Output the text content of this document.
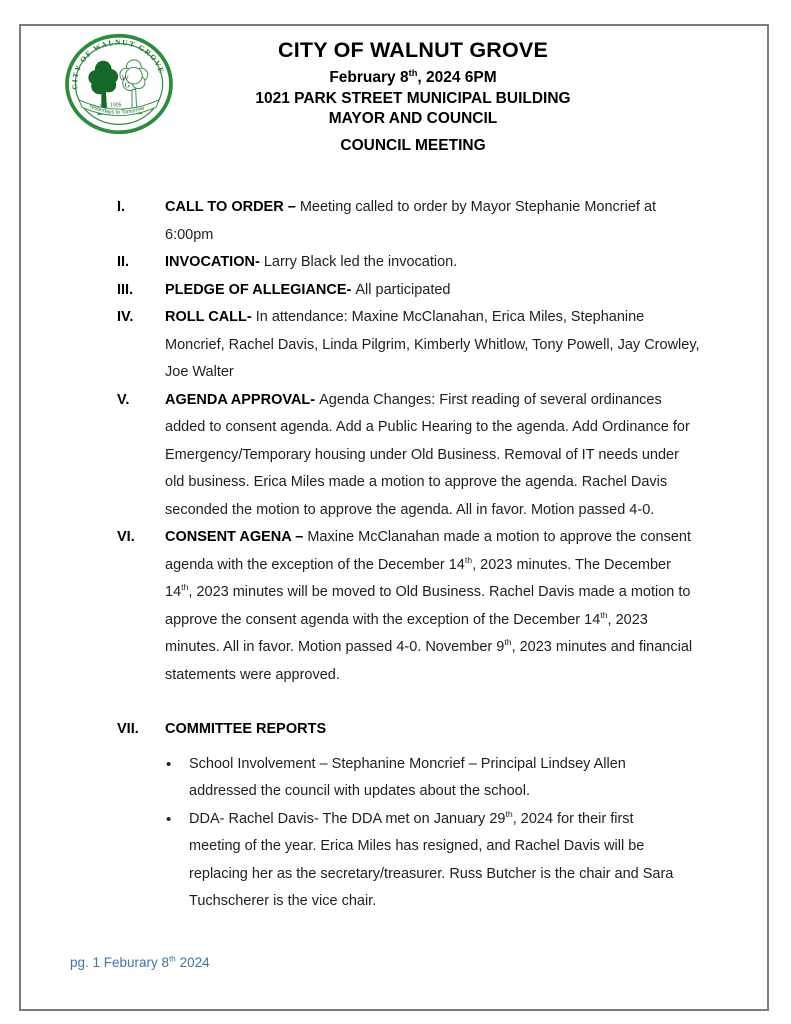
CITY OF WALNUT GROVE
W
G
est. 1905
Yesterdays to Tomorrow
CITY OF WALNUT GROVE
February 8th, 2024 6PM
1021 PARK STREET MUNICIPAL BUILDING
MAYOR AND COUNCIL
COUNCIL MEETING
I.	CALL TO ORDER – Meeting called to order by Mayor Stephanie Moncrief at 6:00pm
II.	INVOCATION- Larry Black led the invocation.
III.	PLEDGE OF ALLEGIANCE- All participated
IV.	ROLL CALL- In attendance: Maxine McClanahan, Erica Miles, Stephanine Moncrief, Rachel Davis, Linda Pilgrim, Kimberly Whitlow, Tony Powell, Jay Crowley, Joe Walter
V.	AGENDA APPROVAL- Agenda Changes: First reading of several ordinances added to consent agenda. Add a Public Hearing to the agenda. Add Ordinance for Emergency/Temporary housing under Old Business. Removal of IT needs under old business. Erica Miles made a motion to approve the agenda. Rachel Davis seconded the motion to approve the agenda. All in favor. Motion passed 4-0.
VI.	CONSENT AGENA – Maxine McClanahan made a motion to approve the consent agenda with the exception of the December 14th, 2023 minutes. The December 14th, 2023 minutes will be moved to Old Business. Rachel Davis made a motion to approve the consent agenda with the exception of the December 14th, 2023 minutes. All in favor. Motion passed 4-0. November 9th, 2023 minutes and financial statements were approved.
VII.	COMMITTEE REPORTS
• School Involvement – Stephanine Moncrief – Principal Lindsey Allen addressed the council with updates about the school.
• DDA- Rachel Davis- The DDA met on January 29th, 2024 for their first meeting of the year. Erica Miles has resigned, and Rachel Davis will be replacing her as the secretary/treasurer. Russ Butcher is the chair and Sara Tuchscherer is the vice chair.
pg. 1 Feburary 8th 2024
